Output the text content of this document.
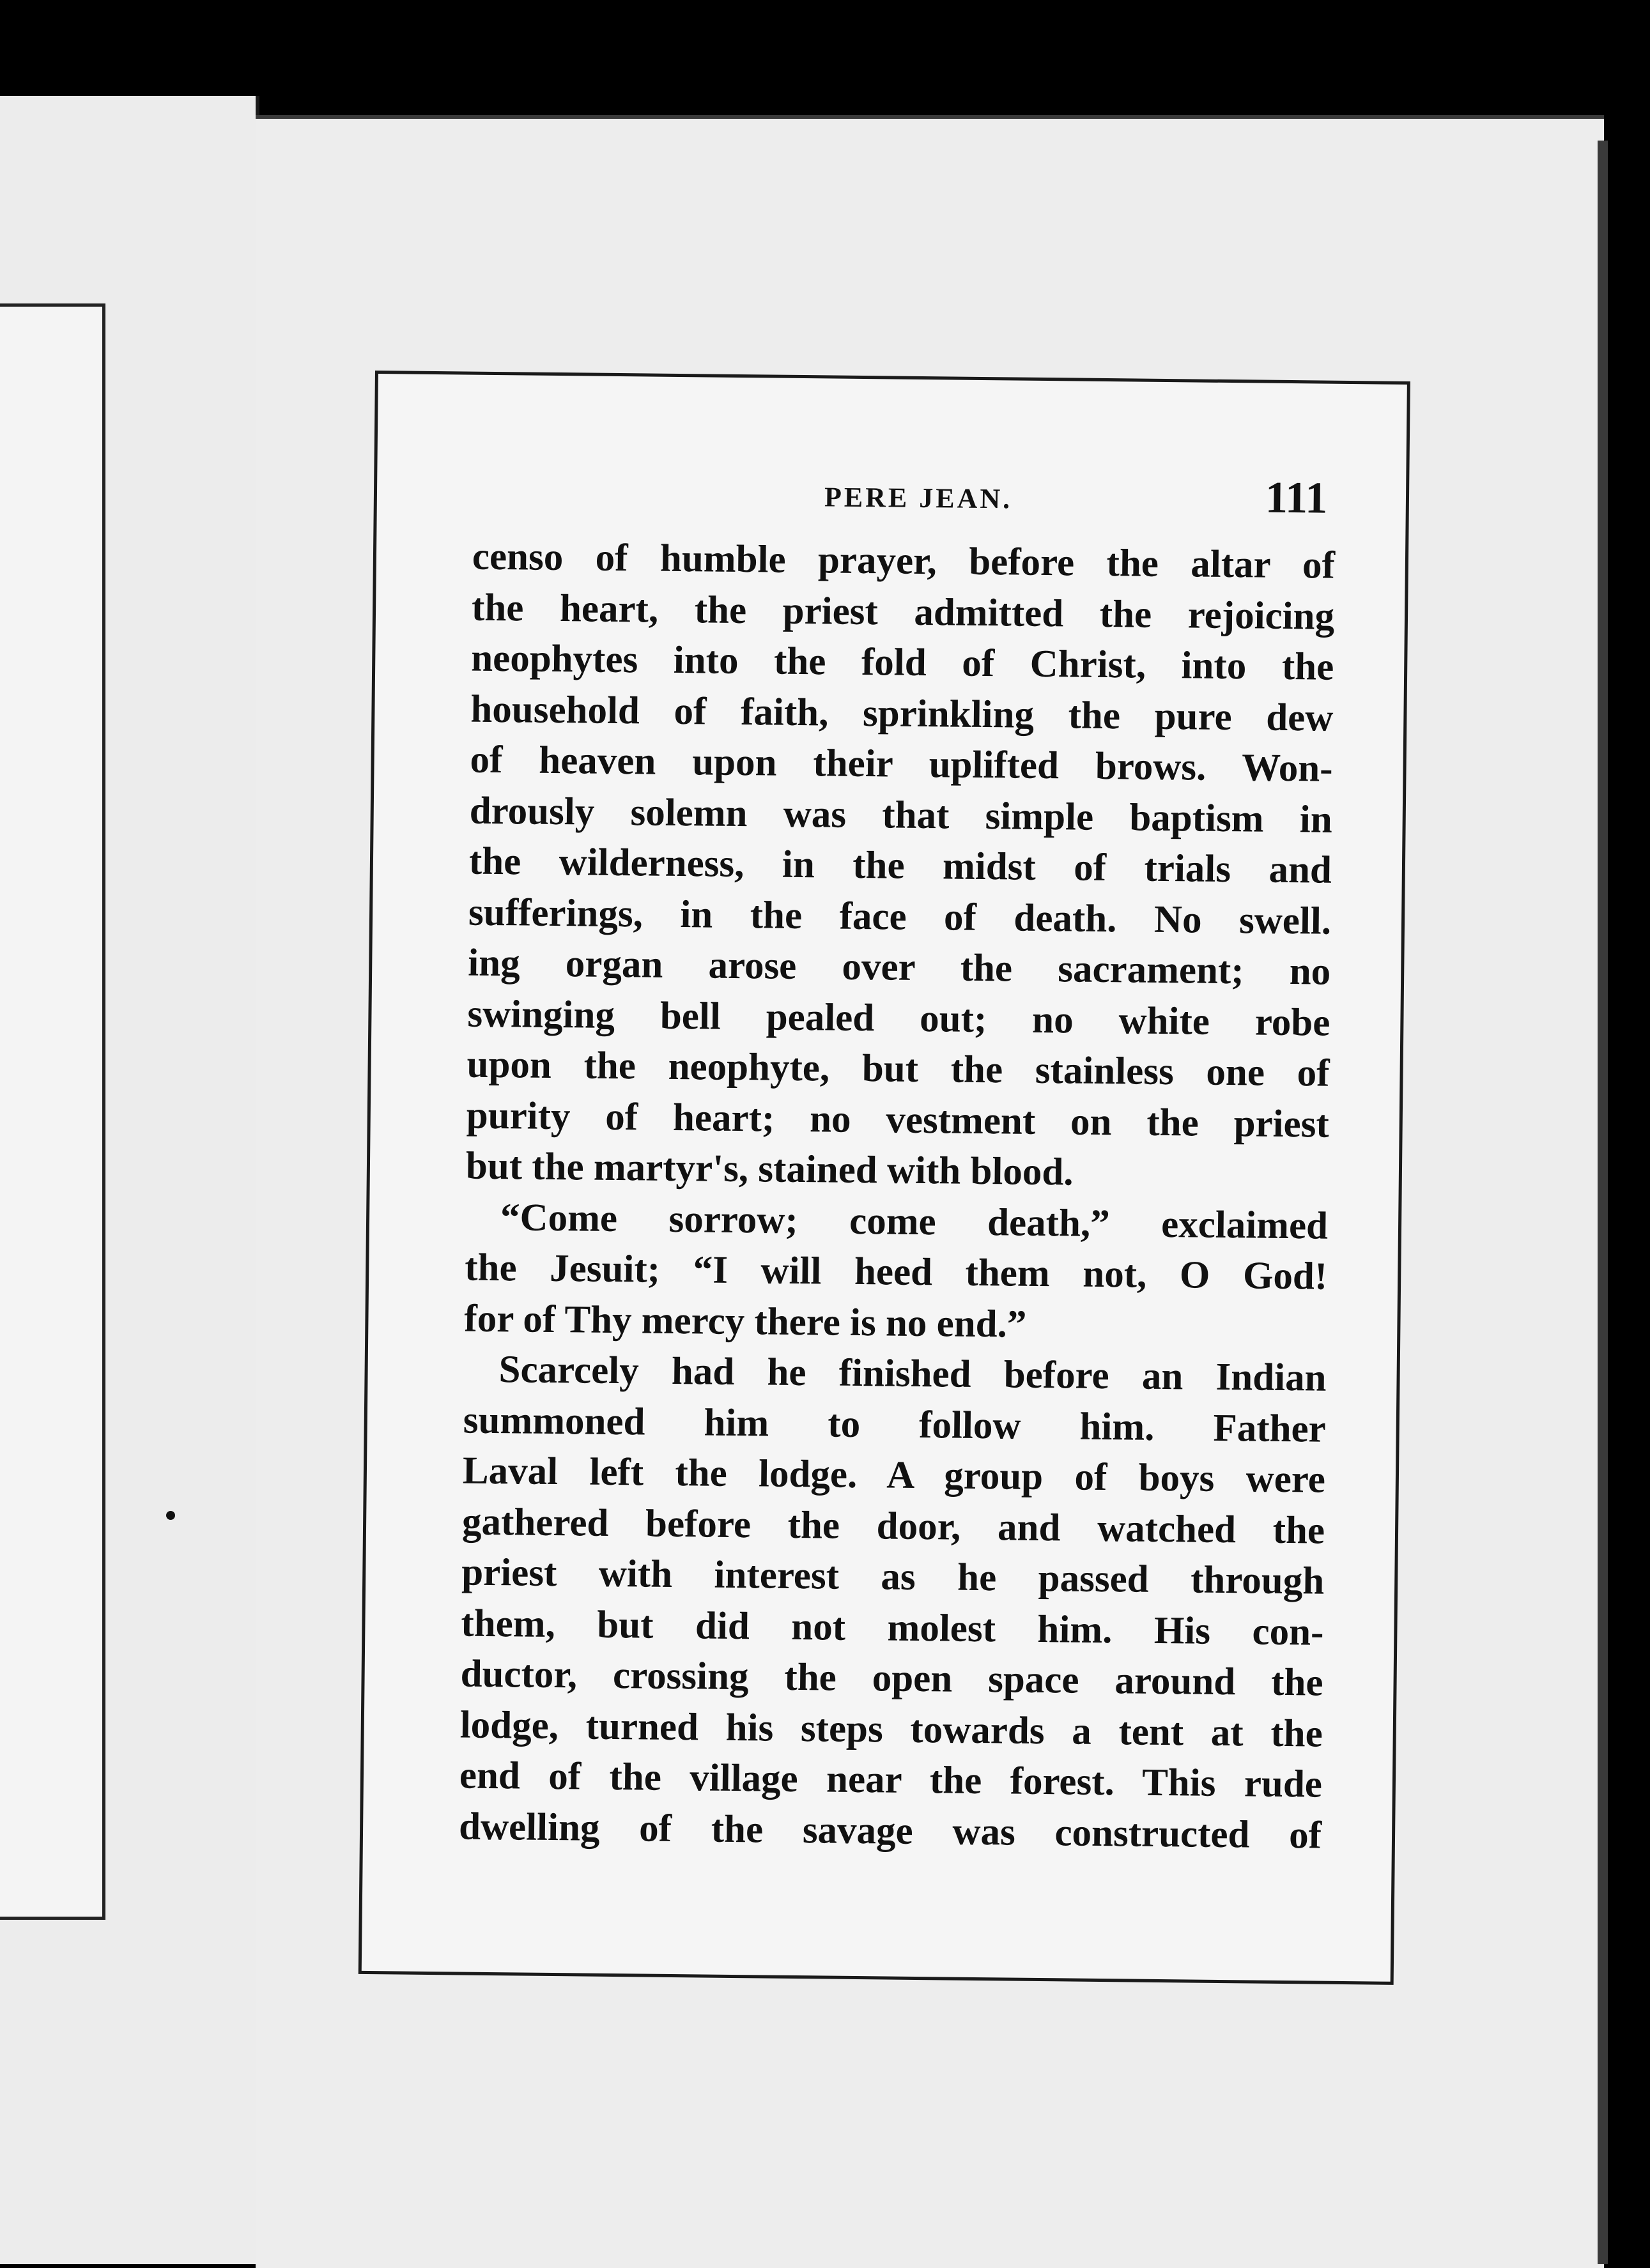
PERE JEAN.	111
censo of humble prayer, before the altar of
the heart, the priest admitted the rejoicing
neophytes into the fold of Christ, into the
household of faith, sprinkling the pure dew
of heaven upon their uplifted brows. Won-
drously solemn was that simple baptism in
the wilderness, in the midst of trials and
sufferings, in the face of death. No swell.
ing organ arose over the sacrament; no
swinging bell pealed out; no white robe
upon the neophyte, but the stainless one of
purity of heart; no vestment on the priest
but the martyr's, stained with blood.
“Come sorrow; come death,” exclaimed
the Jesuit; “I will heed them not, O God!
for of Thy mercy there is no end.”
Scarcely had he finished before an Indian
summoned him to follow him. Father
Laval left the lodge. A group of boys were
gathered before the door, and watched the
priest with interest as he passed through
them, but did not molest him. His con-
ductor, crossing the open space around the
lodge, turned his steps towards a tent at the
end of the village near the forest. This rude
dwelling of the savage was constructed of
